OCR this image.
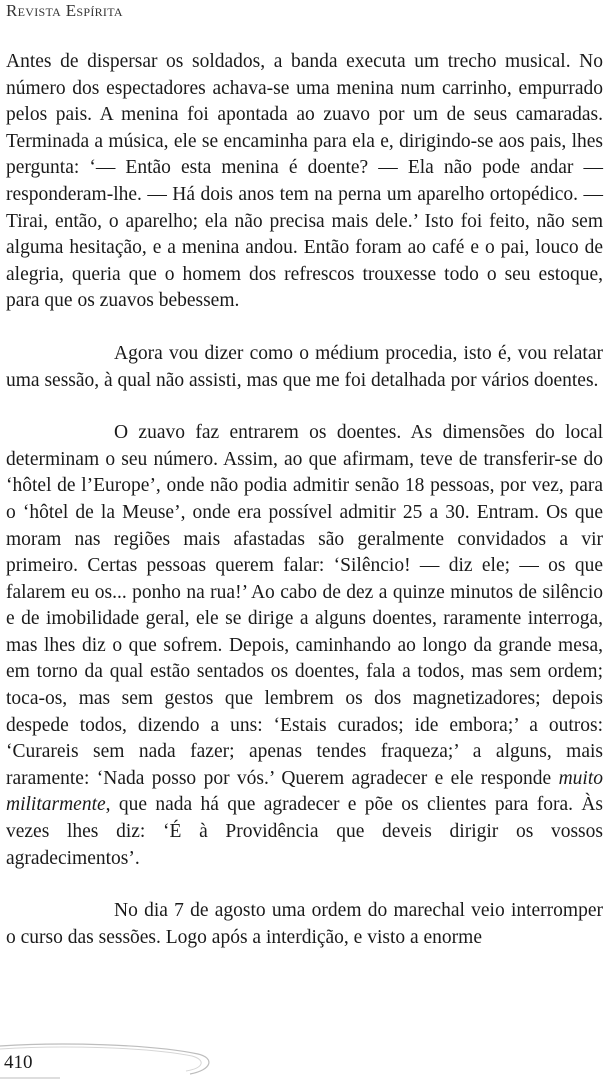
Revista Espírita

Antes de dispersar os soldados, a banda executa um trecho musical. No número dos espectadores achava-se uma menina num carrinho, empurrado pelos pais. A menina foi apontada ao zuavo por um de seus camaradas. Terminada a música, ele se encaminha para ela e, dirigindo-se aos pais, lhes pergunta: ‘— Então esta menina é doente? — Ela não pode andar — responderam-lhe. — Há dois anos tem na perna um aparelho ortopédico. — Tirai, então, o aparelho; ela não precisa mais dele.’ Isto foi feito, não sem alguma hesitação, e a menina andou. Então foram ao café e o pai, louco de alegria, queria que o homem dos refrescos trouxesse todo o seu estoque, para que os zuavos bebessem.

Agora vou dizer como o médium procedia, isto é, vou relatar uma sessão, à qual não assisti, mas que me foi detalhada por vários doentes.

O zuavo faz entrarem os doentes. As dimensões do local determinam o seu número. Assim, ao que afirmam, teve de transferir-se do ‘hôtel de l’Europe’, onde não podia admitir senão 18 pessoas, por vez, para o ‘hôtel de la Meuse’, onde era possível admitir 25 a 30. Entram. Os que moram nas regiões mais afastadas são geralmente convidados a vir primeiro. Certas pessoas querem falar: ‘Silêncio! — diz ele; — os que falarem eu os... ponho na rua!’ Ao cabo de dez a quinze minutos de silêncio e de imobilidade geral, ele se dirige a alguns doentes, raramente interroga, mas lhes diz o que sofrem. Depois, caminhando ao longo da grande mesa, em torno da qual estão sentados os doentes, fala a todos, mas sem ordem; toca-os, mas sem gestos que lembrem os dos magnetizadores; depois despede todos, dizendo a uns: ‘Estais curados; ide embora;’ a outros: ‘Curareis sem nada fazer; apenas tendes fraqueza;’ a alguns, mais raramente: ‘Nada posso por vós.’ Querem agradecer e ele responde muito militarmente, que nada há que agradecer e põe os clientes para fora. Às vezes lhes diz: ‘É à Providência que deveis dirigir os vossos agradecimentos’.

No dia 7 de agosto uma ordem do marechal veio interromper o curso das sessões. Logo após a interdição, e visto a enorme

410
